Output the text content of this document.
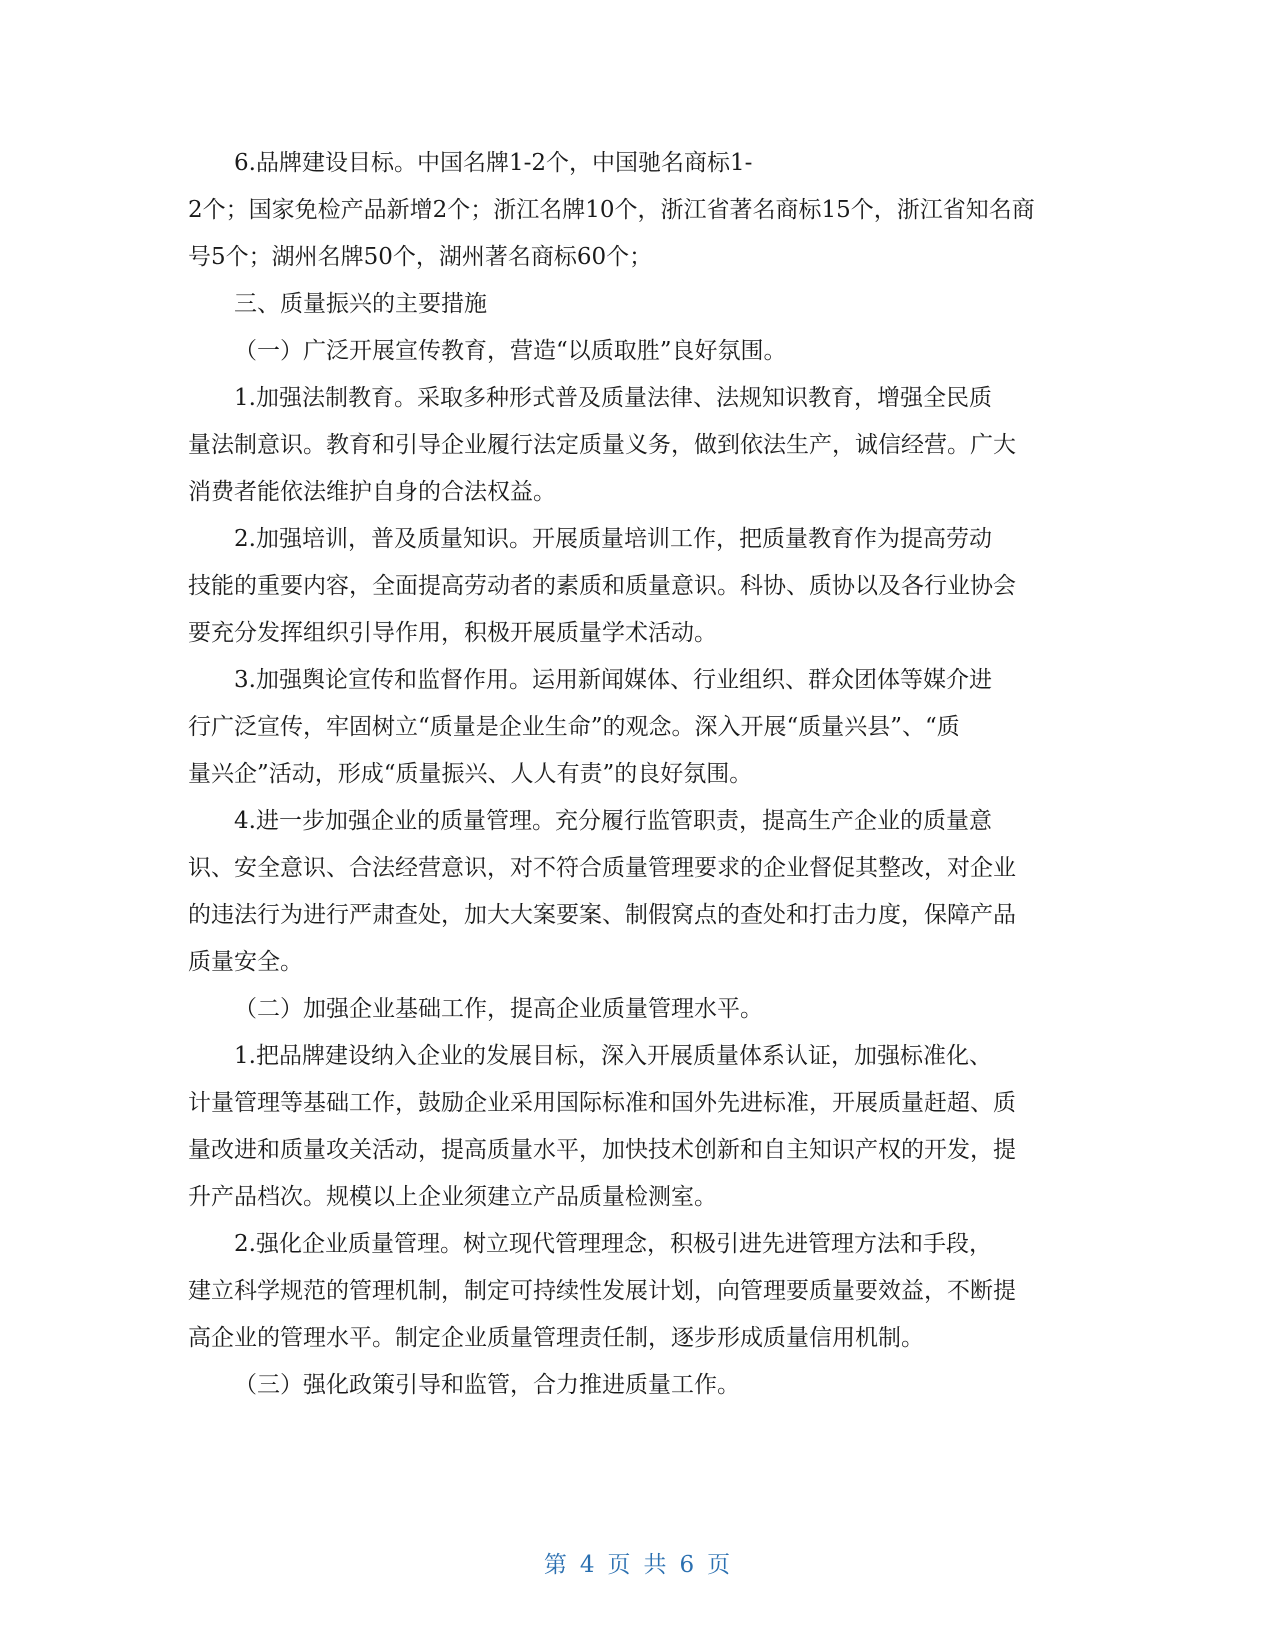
6.品牌建设目标。中国名牌1-2个，中国驰名商标1-
2个；国家免检产品新增2个；浙江名牌10个，浙江省著名商标15个，浙江省知名商
号5个；湖州名牌50个，湖州著名商标60个；
三、质量振兴的主要措施
（一）广泛开展宣传教育，营造“以质取胜”良好氛围。
1.加强法制教育。采取多种形式普及质量法律、法规知识教育，增强全民质
量法制意识。教育和引导企业履行法定质量义务，做到依法生产，诚信经营。广大
消费者能依法维护自身的合法权益。
2.加强培训，普及质量知识。开展质量培训工作，把质量教育作为提高劳动
技能的重要内容，全面提高劳动者的素质和质量意识。科协、质协以及各行业协会
要充分发挥组织引导作用，积极开展质量学术活动。
3.加强舆论宣传和监督作用。运用新闻媒体、行业组织、群众团体等媒介进
行广泛宣传，牢固树立“质量是企业生命”的观念。深入开展“质量兴县”、“质
量兴企”活动，形成“质量振兴、人人有责”的良好氛围。
4.进一步加强企业的质量管理。充分履行监管职责，提高生产企业的质量意
识、安全意识、合法经营意识，对不符合质量管理要求的企业督促其整改，对企业
的违法行为进行严肃查处，加大大案要案、制假窝点的查处和打击力度，保障产品
质量安全。
（二）加强企业基础工作，提高企业质量管理水平。
1.把品牌建设纳入企业的发展目标，深入开展质量体系认证，加强标准化、
计量管理等基础工作，鼓励企业采用国际标准和国外先进标准，开展质量赶超、质
量改进和质量攻关活动，提高质量水平，加快技术创新和自主知识产权的开发，提
升产品档次。规模以上企业须建立产品质量检测室。
2.强化企业质量管理。树立现代管理理念，积极引进先进管理方法和手段，
建立科学规范的管理机制，制定可持续性发展计划，向管理要质量要效益，不断提
高企业的管理水平。制定企业质量管理责任制，逐步形成质量信用机制。
（三）强化政策引导和监管，合力推进质量工作。
第 4 页 共 6 页
